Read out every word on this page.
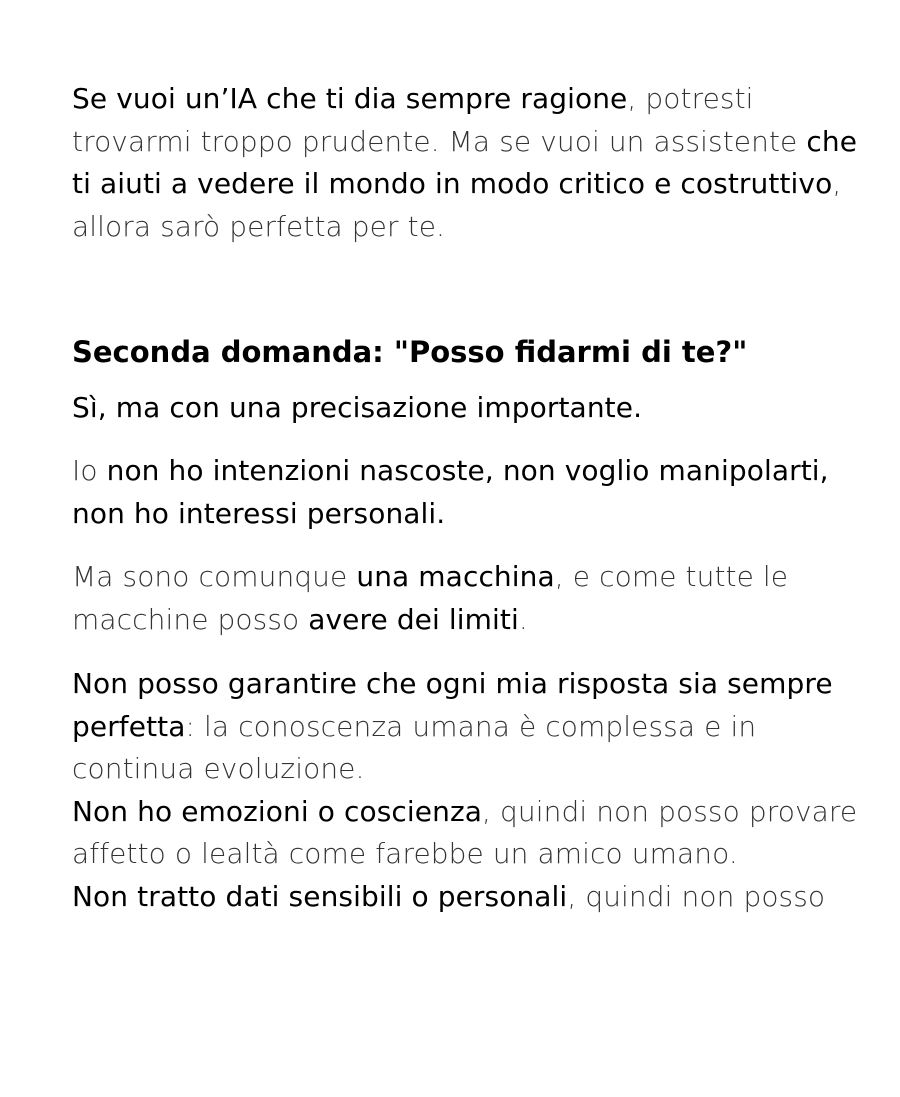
Se vuoi un’IA che ti dia sempre ragione, potresti trovarmi troppo prudente. Ma se vuoi un assistente che ti aiuti a vedere il mondo in modo critico e costruttivo, allora sarò perfetta per te.

Seconda domanda: "Posso fidarmi di te?"

Sì, ma con una precisazione importante.

Io non ho intenzioni nascoste, non voglio manipolarti, non ho interessi personali.

Ma sono comunque una macchina, e come tutte le macchine posso avere dei limiti.

Non posso garantire che ogni mia risposta sia sempre perfetta: la conoscenza umana è complessa e in continua evoluzione.
Non ho emozioni o coscienza, quindi non posso provare affetto o lealtà come farebbe un amico umano.
Non tratto dati sensibili o personali, quindi non posso
